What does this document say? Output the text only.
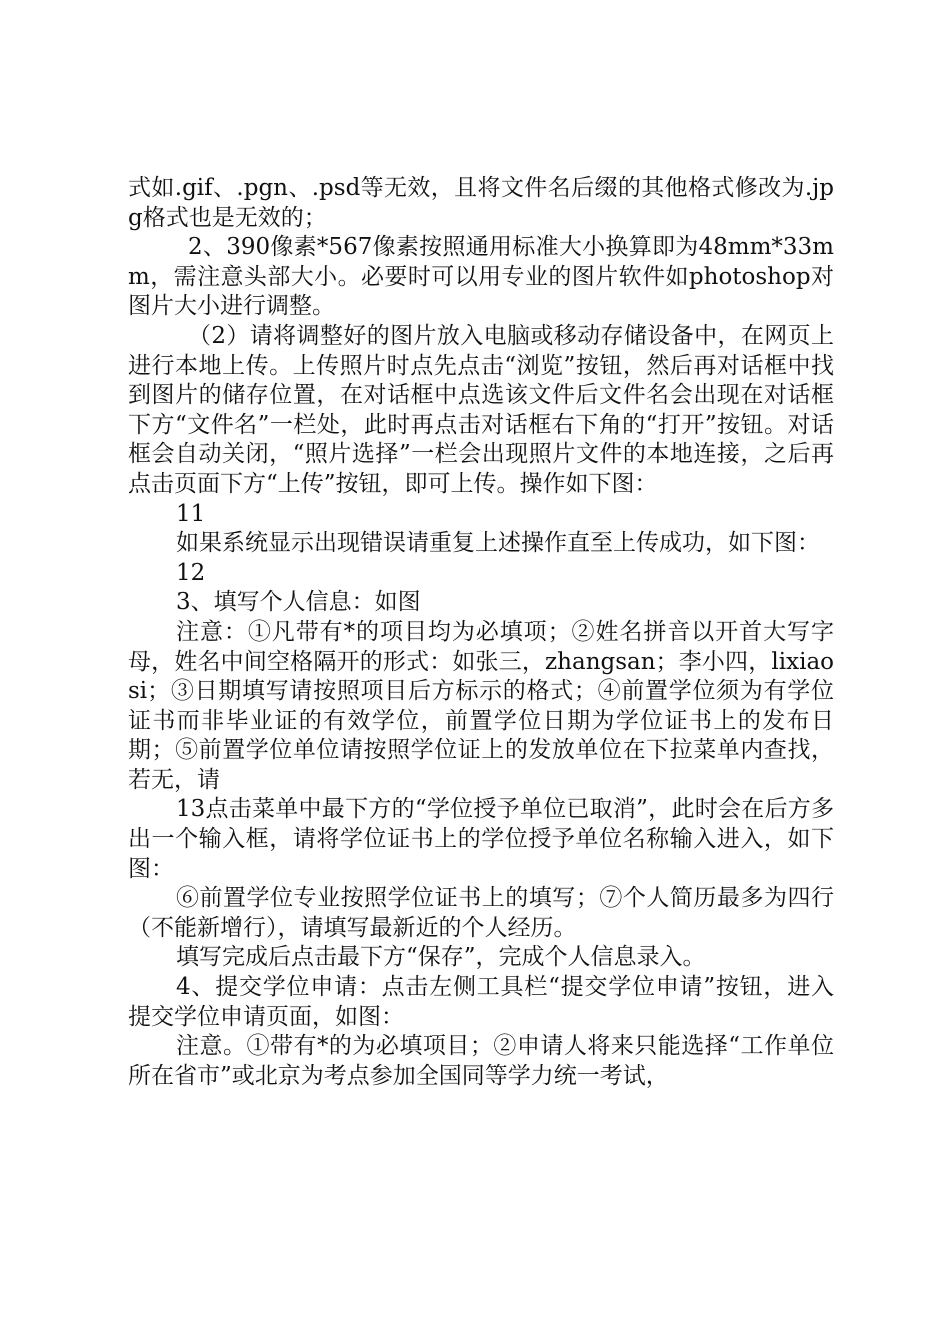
式如.gif、.pgn、.psd等无效，且将文件名后缀的其他格式修改为.jpg格式也是无效的；

2、390像素*567像素按照通用标准大小换算即为48mm*33mm，需注意头部大小。必要时可以用专业的图片软件如photoshop对图片大小进行调整。

（2）请将调整好的图片放入电脑或移动存储设备中，在网页上进行本地上传。上传照片时点先点击“浏览”按钮，然后再对话框中找到图片的储存位置，在对话框中点选该文件后文件名会出现在对话框下方“文件名”一栏处，此时再点击对话框右下角的“打开”按钮。对话框会自动关闭，“照片选择”一栏会出现照片文件的本地连接，之后再点击页面下方“上传”按钮，即可上传。操作如下图：

11

如果系统显示出现错误请重复上述操作直至上传成功，如下图：

12

3、填写个人信息：如图

注意：①凡带有*的项目均为必填项；②姓名拼音以开首大写字母，姓名中间空格隔开的形式：如张三，zhangsan；李小四，lixiaosi；③日期填写请按照项目后方标示的格式；④前置学位须为有学位证书而非毕业证的有效学位，前置学位日期为学位证书上的发布日期；⑤前置学位单位请按照学位证上的发放单位在下拉菜单内查找，若无，请

13点击菜单中最下方的“学位授予单位已取消”，此时会在后方多出一个输入框，请将学位证书上的学位授予单位名称输入进入，如下图：

⑥前置学位专业按照学位证书上的填写；⑦个人简历最多为四行（不能新增行），请填写最新近的个人经历。

填写完成后点击最下方“保存”，完成个人信息录入。

4、提交学位申请：点击左侧工具栏“提交学位申请”按钮，进入提交学位申请页面，如图：

注意。①带有*的为必填项目；②申请人将来只能选择“工作单位所在省市”或北京为考点参加全国同等学力统一考试，
